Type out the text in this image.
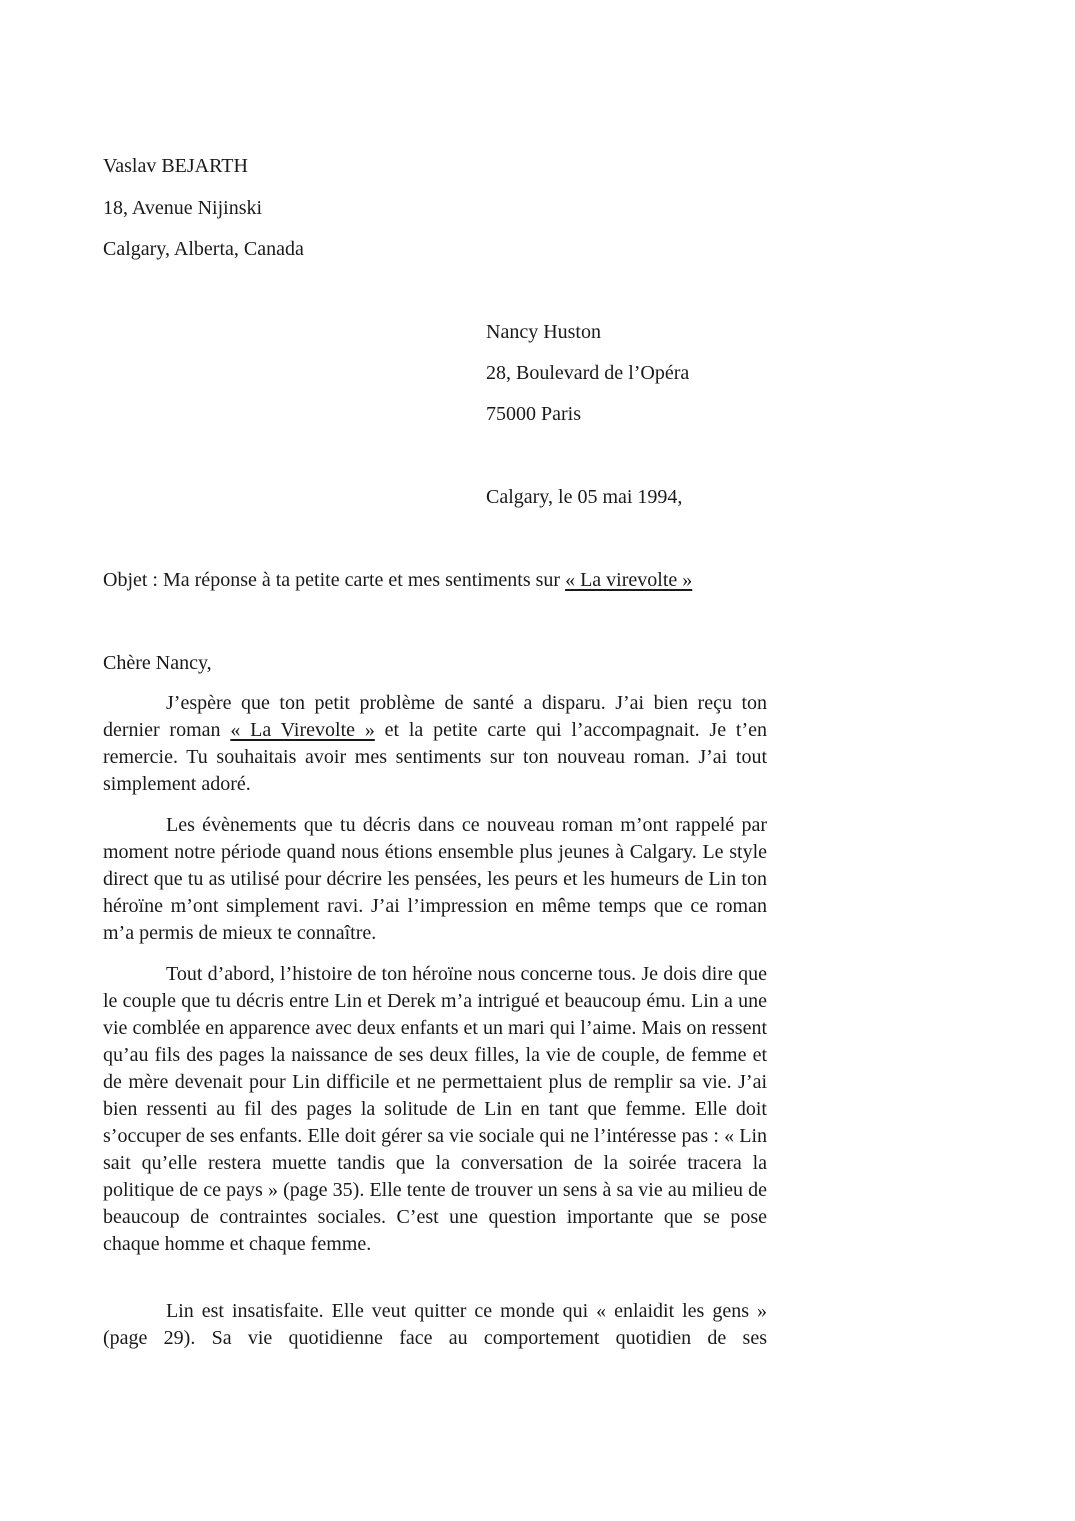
Vaslav BEJARTH
18, Avenue Nijinski
Calgary, Alberta, Canada
Nancy Huston
28, Boulevard de l’Opéra
75000 Paris
Calgary, le 05 mai 1994,
Objet : Ma réponse à ta petite carte et mes sentiments sur « La virevolte »
Chère Nancy,

J’espère que ton petit problème de santé a disparu. J’ai bien reçu ton dernier roman « La Virevolte » et la petite carte qui l’accompagnait. Je t’en remercie. Tu souhaitais avoir mes sentiments sur ton nouveau roman. J’ai tout simplement adoré.

Les évènements que tu décris dans ce nouveau roman m’ont rappelé par moment notre période quand nous étions ensemble plus jeunes à Calgary. Le style direct que tu as utilisé pour décrire les pensées, les peurs et les humeurs de Lin ton héroïne m’ont simplement ravi. J’ai l’impression en même temps que ce roman m’a permis de mieux te connaître.

Tout d’abord, l’histoire de ton héroïne nous concerne tous. Je dois dire que le couple que tu décris entre Lin et Derek m’a intrigué et beaucoup ému. Lin a une vie comblée en apparence avec deux enfants et un mari qui l’aime. Mais on ressent qu’au fils des pages la naissance de ses deux filles, la vie de couple, de femme et de mère devenait pour Lin difficile et ne permettaient plus de remplir sa vie. J’ai bien ressenti au fil des pages la solitude de Lin en tant que femme. Elle doit s’occuper de ses enfants. Elle doit gérer sa vie sociale qui ne l’intéresse pas : « Lin sait qu’elle restera muette tandis que la conversation de la soirée tracera la politique de ce pays » (page 35). Elle tente de trouver un sens à sa vie au milieu de beaucoup de contraintes sociales. C’est une question importante que se pose chaque homme et chaque femme.

Lin est insatisfaite. Elle veut quitter ce monde qui « enlaidit les gens » (page 29). Sa vie quotidienne face au comportement quotidien de ses
